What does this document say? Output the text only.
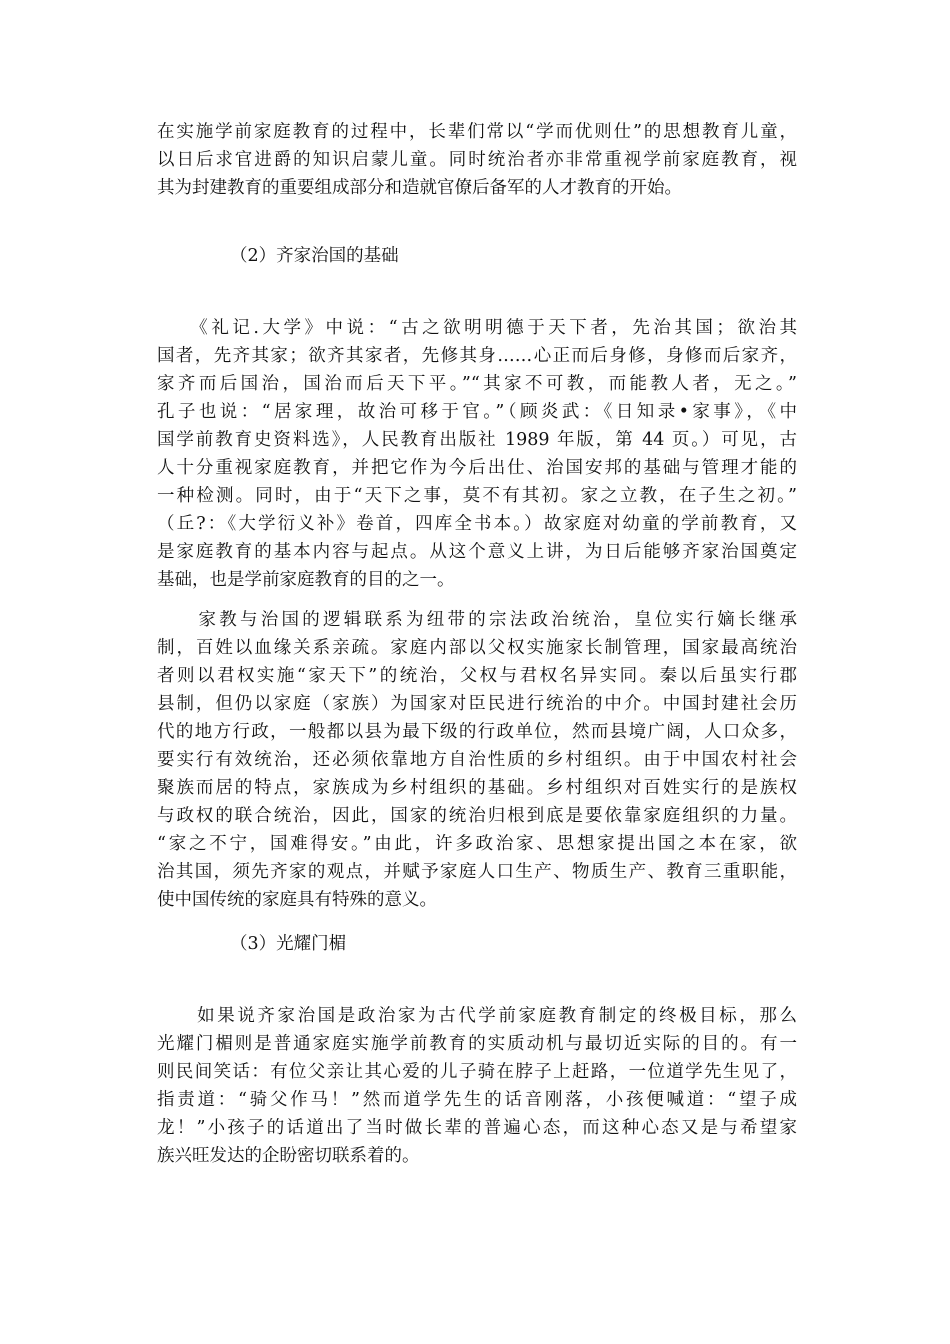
在实施学前家庭教育的过程中，长辈们常以“学而优则仕”的思想教育儿童，
以日后求官进爵的知识启蒙儿童。同时统治者亦非常重视学前家庭教育，视
其为封建教育的重要组成部分和造就官僚后备军的人才教育的开始。

（2）齐家治国的基础

　　《礼记.大学》中说：“古之欲明明德于天下者，先治其国；欲治其
国者，先齐其家；欲齐其家者，先修其身……心正而后身修，身修而后家齐，
家齐而后国治，国治而后天下平。”“其家不可教，而能教人者，无之。”
孔子也说：“居家理，故治可移于官。”（顾炎武：《日知录•家事》，《中
国学前教育史资料选》，人民教育出版社 1989 年版，第 44 页。）可见，古
人十分重视家庭教育，并把它作为今后出仕、治国安邦的基础与管理才能的
一种检测。同时，由于“天下之事，莫不有其初。家之立教，在子生之初。”
（丘?：《大学衍义补》卷首，四库全书本。）故家庭对幼童的学前教育，又
是家庭教育的基本内容与起点。从这个意义上讲，为日后能够齐家治国奠定
基础，也是学前家庭教育的目的之一。

　　家教与治国的逻辑联系为纽带的宗法政治统治，皇位实行嫡长继承
制，百姓以血缘关系亲疏。家庭内部以父权实施家长制管理，国家最高统治
者则以君权实施“家天下”的统治，父权与君权名异实同。秦以后虽实行郡
县制，但仍以家庭（家族）为国家对臣民进行统治的中介。中国封建社会历
代的地方行政，一般都以县为最下级的行政单位，然而县境广阔，人口众多，
要实行有效统治，还必须依靠地方自治性质的乡村组织。由于中国农村社会
聚族而居的特点，家族成为乡村组织的基础。乡村组织对百姓实行的是族权
与政权的联合统治，因此，国家的统治归根到底是要依靠家庭组织的力量。
“家之不宁，国难得安。”由此，许多政治家、思想家提出国之本在家，欲
治其国，须先齐家的观点，并赋予家庭人口生产、物质生产、教育三重职能，
使中国传统的家庭具有特殊的意义。

（3）光耀门楣

　　如果说齐家治国是政治家为古代学前家庭教育制定的终极目标，那么
光耀门楣则是普通家庭实施学前教育的实质动机与最切近实际的目的。有一
则民间笑话：有位父亲让其心爱的儿子骑在脖子上赶路，一位道学先生见了，
指责道：“骑父作马！”然而道学先生的话音刚落，小孩便喊道：“望子成
龙！”小孩子的话道出了当时做长辈的普遍心态，而这种心态又是与希望家
族兴旺发达的企盼密切联系着的。
